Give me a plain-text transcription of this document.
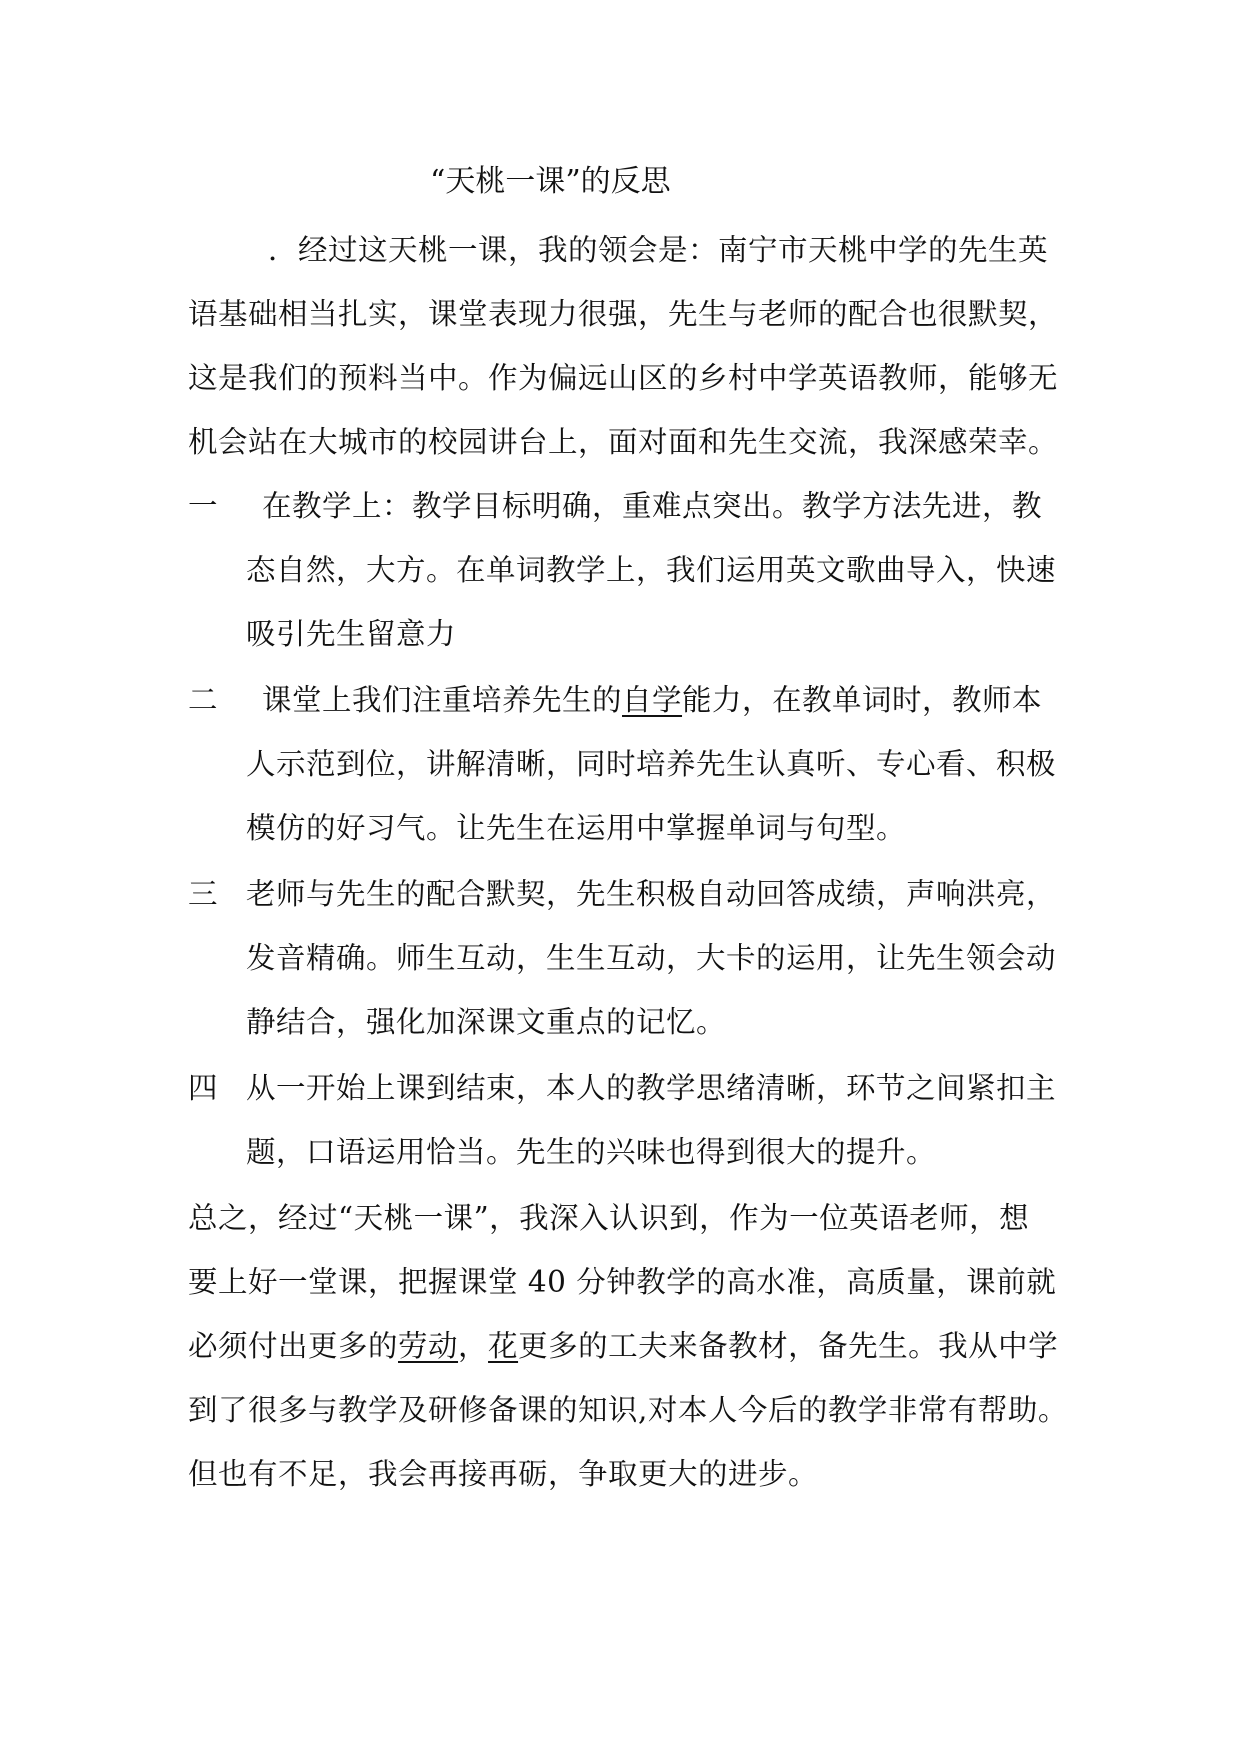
“天桃一课”的反思
．经过这天桃一课，我的领会是：南宁市天桃中学的先生英
语基础相当扎实，课堂表现力很强，先生与老师的配合也很默契，
这是我们的预料当中。作为偏远山区的乡村中学英语教师，能够无
机会站在大城市的校园讲台上，面对面和先生交流，我深感荣幸。
一 在教学上：教学目标明确，重难点突出。教学方法先进，教
态自然，大方。在单词教学上，我们运用英文歌曲导入，快速
吸引先生留意力
二 课堂上我们注重培养先生的自学能力，在教单词时，教师本
人示范到位，讲解清晰，同时培养先生认真听、专心看、积极
模仿的好习气。让先生在运用中掌握单词与句型。
三 老师与先生的配合默契，先生积极自动回答成绩，声响洪亮，
发音精确。师生互动，生生互动，大卡的运用，让先生领会动
静结合，强化加深课文重点的记忆。
四 从一开始上课到结束，本人的教学思绪清晰，环节之间紧扣主
题，口语运用恰当。先生的兴味也得到很大的提升。
总之，经过“天桃一课”，我深入认识到，作为一位英语老师，想
要上好一堂课，把握课堂 40 分钟教学的高水准，高质量，课前就
必须付出更多的劳动，花更多的工夫来备教材，备先生。我从中学
到了很多与教学及研修备课的知识,对本人今后的教学非常有帮助。
但也有不足，我会再接再砺，争取更大的进步。
